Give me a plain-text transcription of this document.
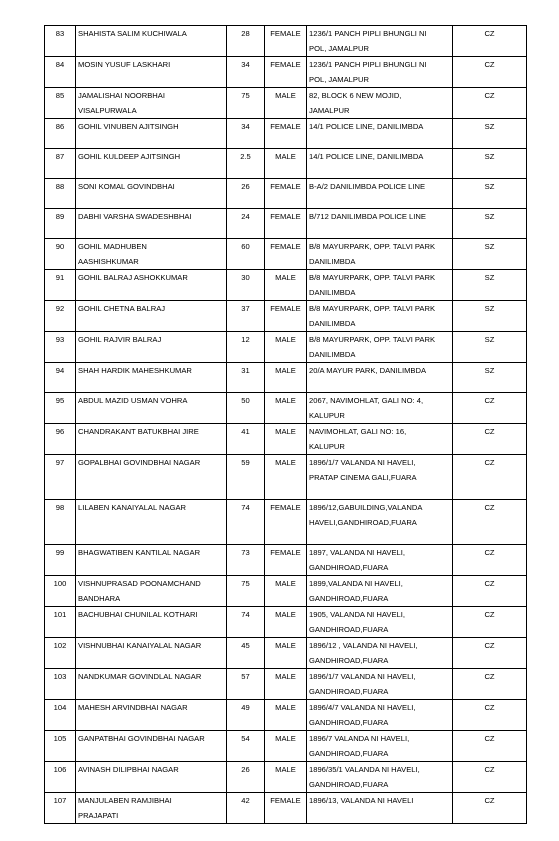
83	SHAHISTA SALIM KUCHIWALA	28	FEMALE	1236/1 PANCH PIPLI BHUNGLI NI
POL, JAMALPUR	CZ

84	MOSIN YUSUF LASKHARI	34	FEMALE	1236/1 PANCH PIPLI BHUNGLI NI
POL, JAMALPUR	CZ

85	JAMALISHAI NOORBHAI
VISALPURWALA	75	MALE	82, BLOCK 6 NEW MOJID,
JAMALPUR	CZ

86	GOHIL VINUBEN AJITSINGH	34	FEMALE	14/1 POLICE LINE, DANILIMBDA	SZ

87	GOHIL KULDEEP AJITSINGH	2.5	MALE	14/1 POLICE LINE, DANILIMBDA	SZ

88	SONI KOMAL GOVINDBHAI	26	FEMALE	B-A/2 DANILIMBDA POLICE LINE	SZ

89	DABHI VARSHA SWADESHBHAI	24	FEMALE	B/712 DANILIMBDA POLICE LINE	SZ

90	GOHIL MADHUBEN
AASHISHKUMAR	60	FEMALE	B/8 MAYURPARK, OPP. TALVI PARK
DANILIMBDA	SZ

91	GOHIL BALRAJ ASHOKKUMAR	30	MALE	B/8 MAYURPARK, OPP. TALVI PARK
DANILIMBDA	SZ

92	GOHIL CHETNA BALRAJ	37	FEMALE	B/8 MAYURPARK, OPP. TALVI PARK
DANILIMBDA	SZ

93	GOHIL RAJVIR BALRAJ	12	MALE	B/8 MAYURPARK, OPP. TALVI PARK
DANILIMBDA	SZ

94	SHAH HARDIK MAHESHKUMAR	31	MALE	20/A MAYUR PARK, DANILIMBDA	SZ

95	ABDUL MAZID USMAN VOHRA	50	MALE	2067, NAVIMOHLAT, GALI NO: 4,
KALUPUR	CZ

96	CHANDRAKANT BATUKBHAI JIRE	41	MALE	NAVIMOHLAT, GALI NO: 16,
KALUPUR	CZ

97	GOPALBHAI GOVINDBHAI NAGAR	59	MALE	1896/1/7 VALANDA NI HAVELI,
PRATAP CINEMA GALI,FUARA	CZ

98	LILABEN KANAIYALAL NAGAR	74	FEMALE	1896/12,GABUILDING,VALANDA
HAVELI,GANDHIROAD,FUARA	CZ

99	BHAGWATIBEN KANTILAL NAGAR	73	FEMALE	1897, VALANDA NI HAVELI,
GANDHIROAD,FUARA	CZ

100	VISHNUPRASAD POONAMCHAND
BANDHARA	75	MALE	1899,VALANDA NI HAVELI,
GANDHIROAD,FUARA	CZ

101	BACHUBHAI CHUNILAL KOTHARI	74	MALE	1905, VALANDA NI HAVELI,
GANDHIROAD,FUARA	CZ

102	VISHNUBHAI KANAIYALAL NAGAR	45	MALE	1896/12 , VALANDA NI HAVELI,
GANDHIROAD,FUARA	CZ

103	NANDKUMAR GOVINDLAL NAGAR	57	MALE	1896/1/7 VALANDA NI HAVELI,
GANDHIROAD,FUARA	CZ

104	MAHESH ARVINDBHAI NAGAR	49	MALE	1896/4/7 VALANDA NI HAVELI,
GANDHIROAD,FUARA	CZ

105	GANPATBHAI GOVINDBHAI NAGAR	54	MALE	1896/7 VALANDA NI HAVELI,
GANDHIROAD,FUARA	CZ

106	AVINASH DILIPBHAI NAGAR	26	MALE	1896/35/1 VALANDA NI HAVELI,
GANDHIROAD,FUARA	CZ

107	MANJULABEN RAMJIBHAI
PRAJAPATI	42	FEMALE	1896/13, VALANDA NI HAVELI	CZ
